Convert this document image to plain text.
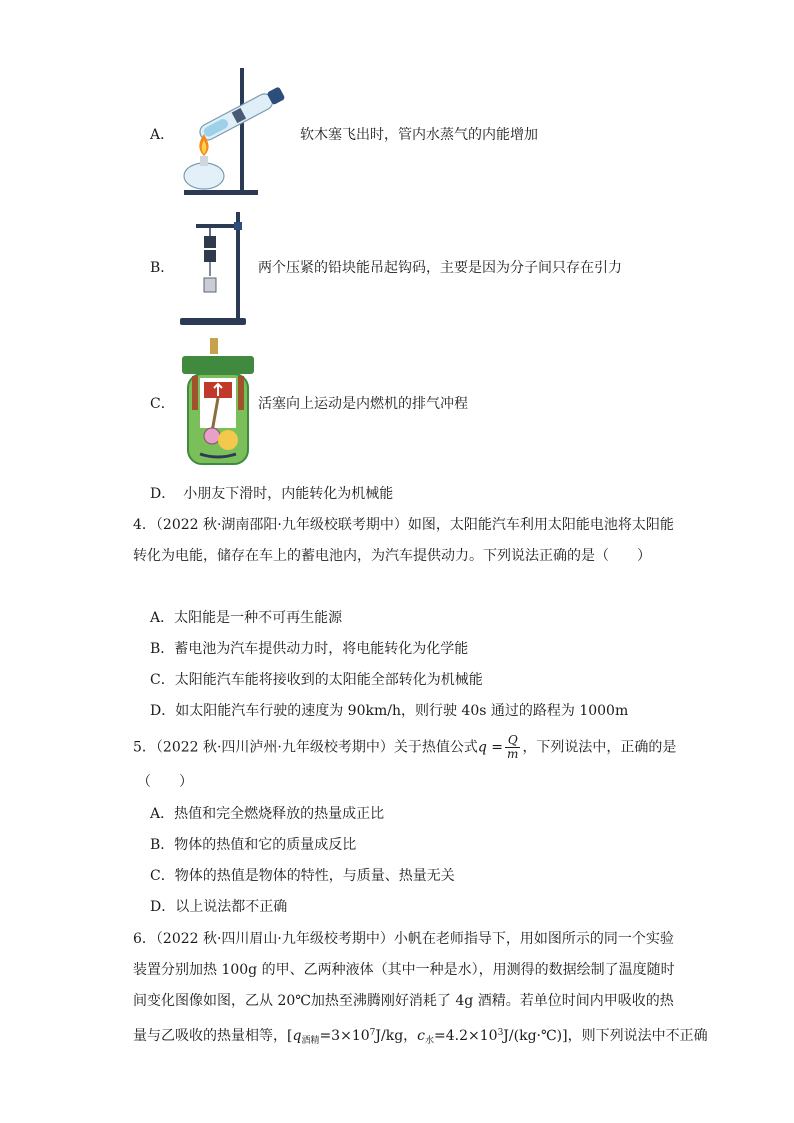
A．	软木塞飞出时，管内水蒸气的内能增加
B．	两个压紧的铅块能吊起钩码，主要是因为分子间只存在引力
C．	活塞向上运动是内燃机的排气冲程
D． 小朋友下滑时，内能转化为机械能
4．（2022 秋·湖南邵阳·九年级校联考期中）如图，太阳能汽车利用太阳能电池将太阳能
转化为电能，储存在车上的蓄电池内，为汽车提供动力。下列说法正确的是（　　）
A．太阳能是一种不可再生能源
B．蓄电池为汽车提供动力时，将电能转化为化学能
C．太阳能汽车能将接收到的太阳能全部转化为机械能
D．如太阳能汽车行驶的速度为 90km/h，则行驶 40s 通过的路程为 1000m
5．（2022 秋·四川泸州·九年级校考期中）关于热值公式$q = \frac{Q}{m}$ ，下列说法中，正确的是
（　　）
A．热值和完全燃烧释放的热量成正比
B．物体的热值和它的质量成反比
C．物体的热值是物体的特性，与质量、热量无关
D．以上说法都不正确
6．（2022 秋·四川眉山·九年级校考期中）小帆在老师指导下，用如图所示的同一个实验
装置分别加热 100g 的甲、乙两种液体（其中一种是水），用测得的数据绘制了温度随时
间变化图像如图，乙从 20℃加热至沸腾刚好消耗了 4g 酒精。若单位时间内甲吸收的热
量与乙吸收的热量相等，[$q_{酒精}=3\times 10^7J/kg$，$c_水=4.2\times 10^3J/(kg\cdot℃)$]，则下列说法中不正确
